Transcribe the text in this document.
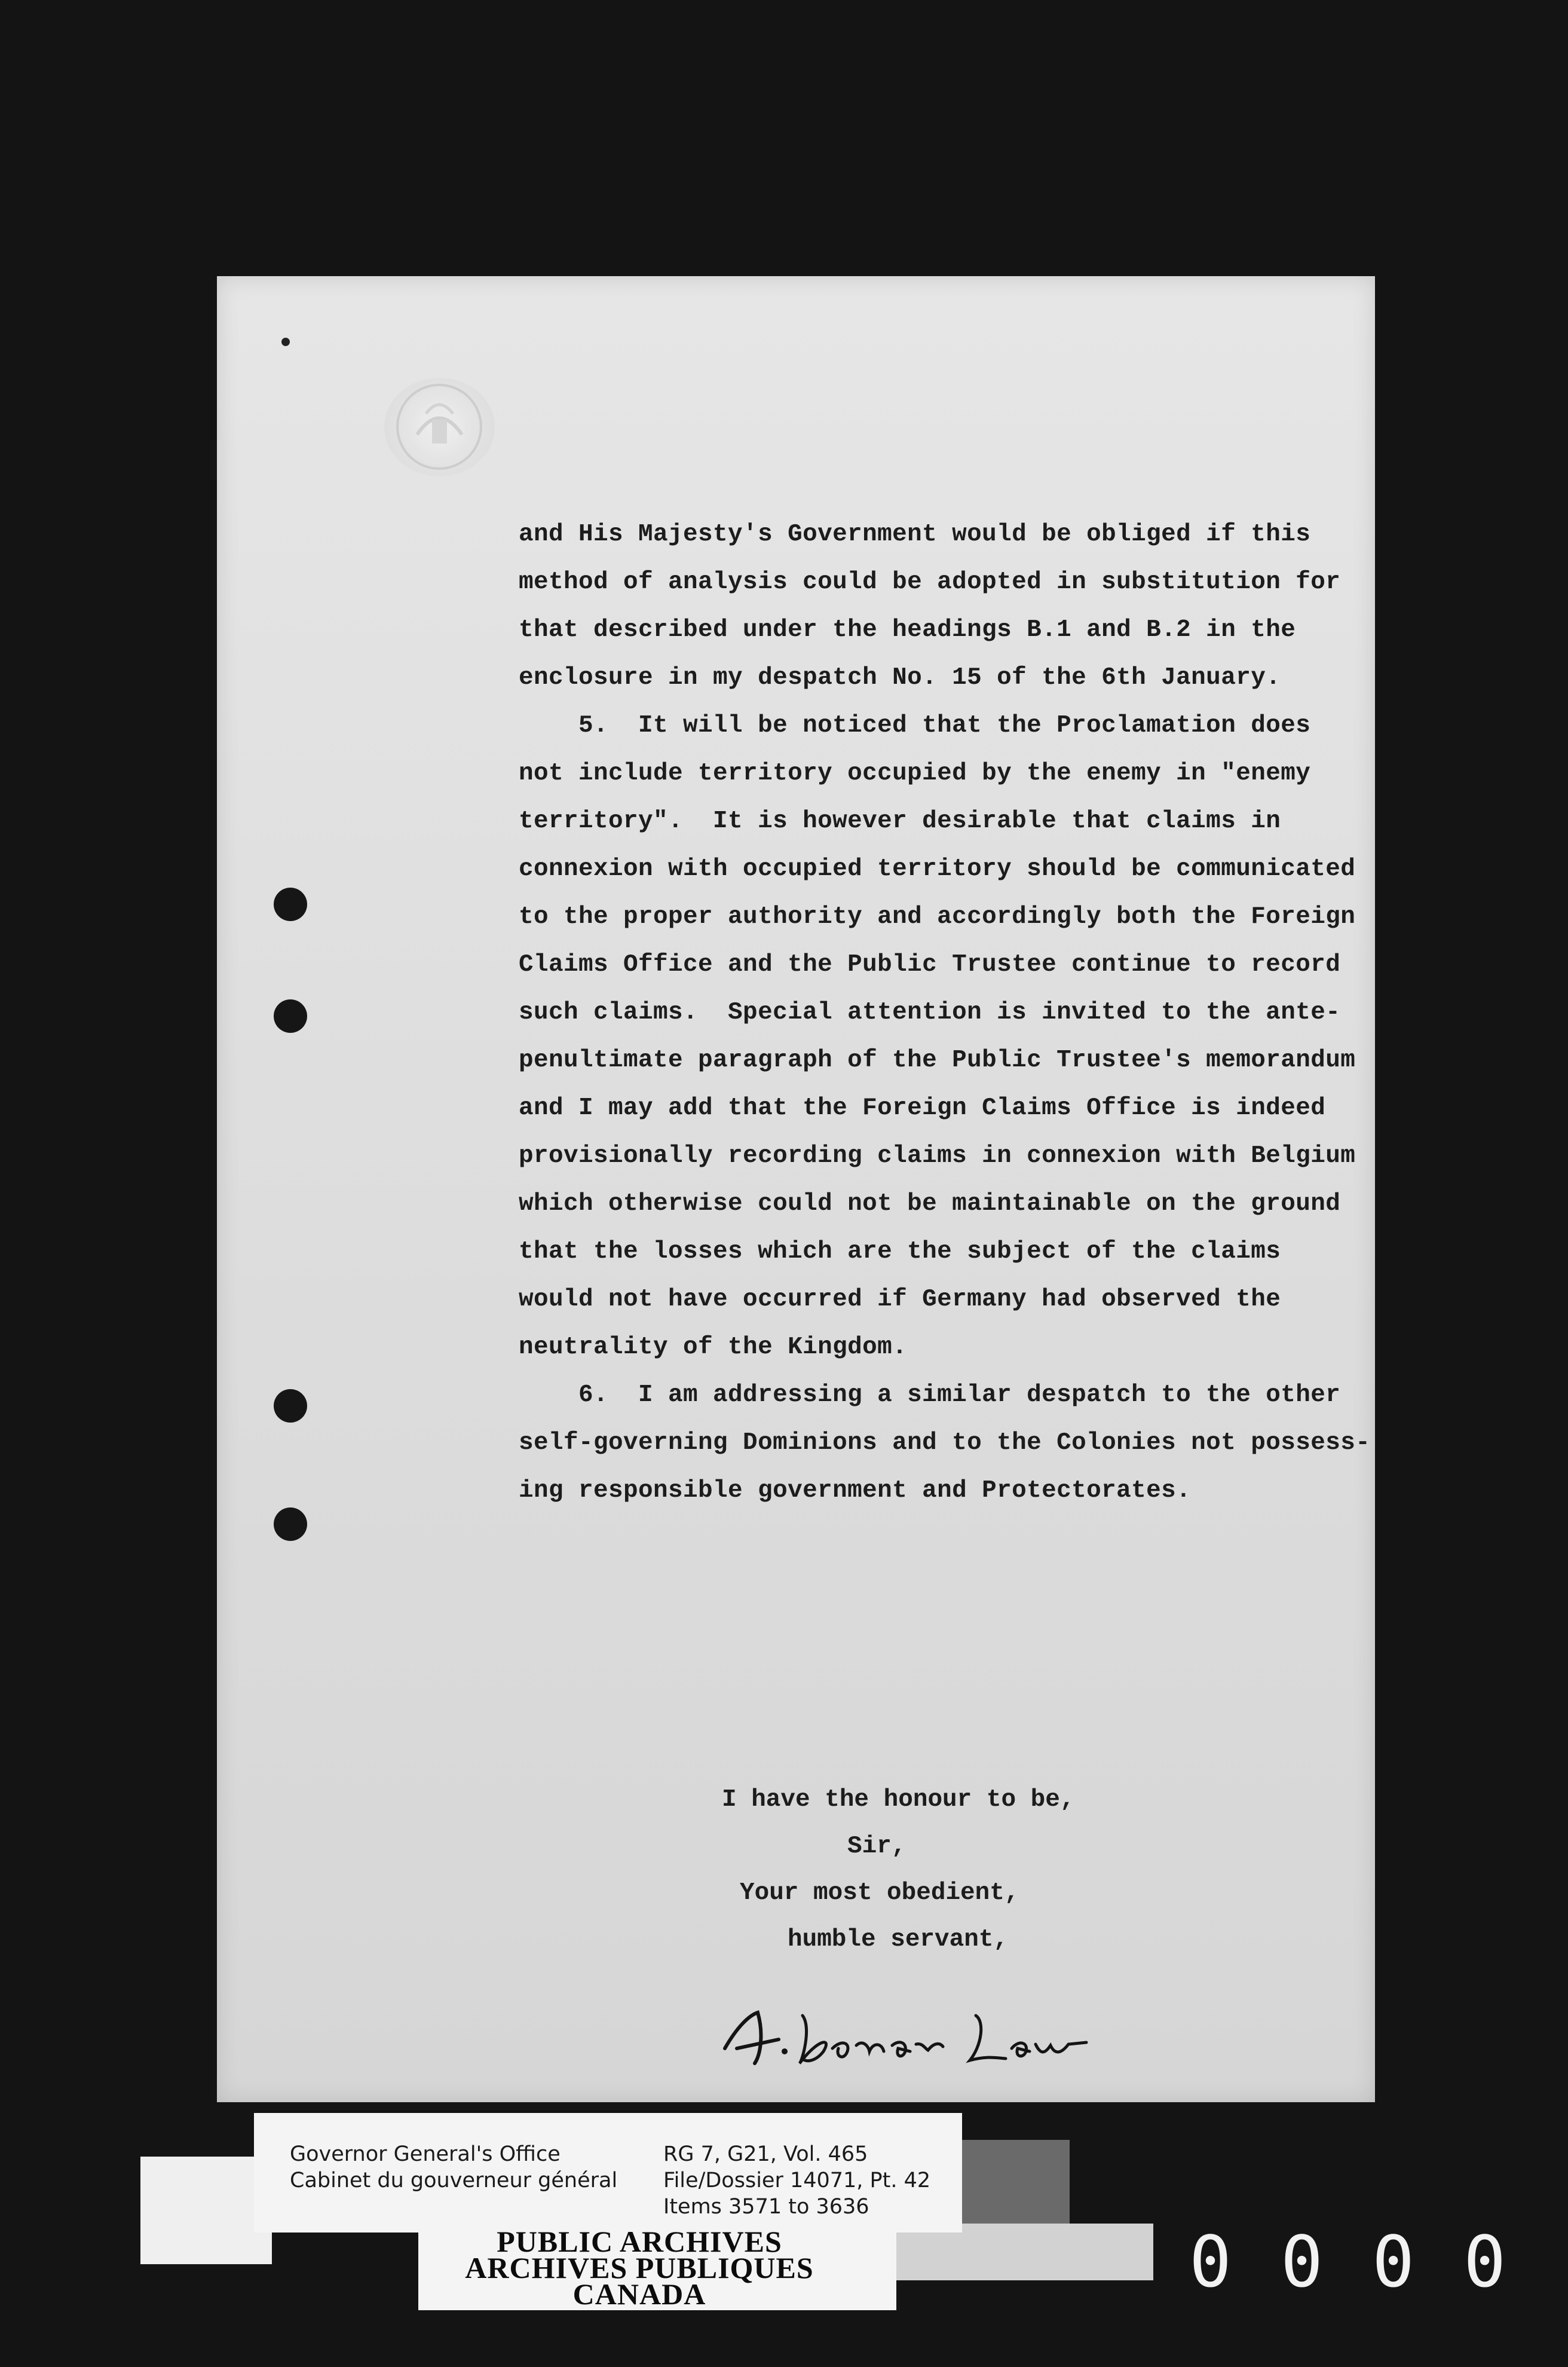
and His Majesty's Government would be obliged if this
method of analysis could be adopted in substitution for
that described under the headings B.1 and B.2 in the
enclosure in my despatch No. 15 of the 6th January.
5.  It will be noticed that the Proclamation does
not include territory occupied by the enemy in "enemy
territory".  It is however desirable that claims in
connexion with occupied territory should be communicated
to the proper authority and accordingly both the Foreign
Claims Office and the Public Trustee continue to record
such claims.  Special attention is invited to the ante-
penultimate paragraph of the Public Trustee's memorandum
and I may add that the Foreign Claims Office is indeed
provisionally recording claims in connexion with Belgium
which otherwise could not be maintainable on the ground
that the losses which are the subject of the claims
would not have occurred if Germany had observed the
neutrality of the Kingdom.
6.  I am addressing a similar despatch to the other
self-governing Dominions and to the Colonies not possess-
ing responsible government and Protectorates.
I have the honour to be,
Sir,
Your most obedient,
humble servant,
Governor General's Office
Cabinet du gouverneur général
RG 7, G21, Vol. 465
File/Dossier 14071, Pt. 42
Items 3571 to 3636
PUBLIC ARCHIVES
ARCHIVES PUBLIQUES
CANADA	0000
